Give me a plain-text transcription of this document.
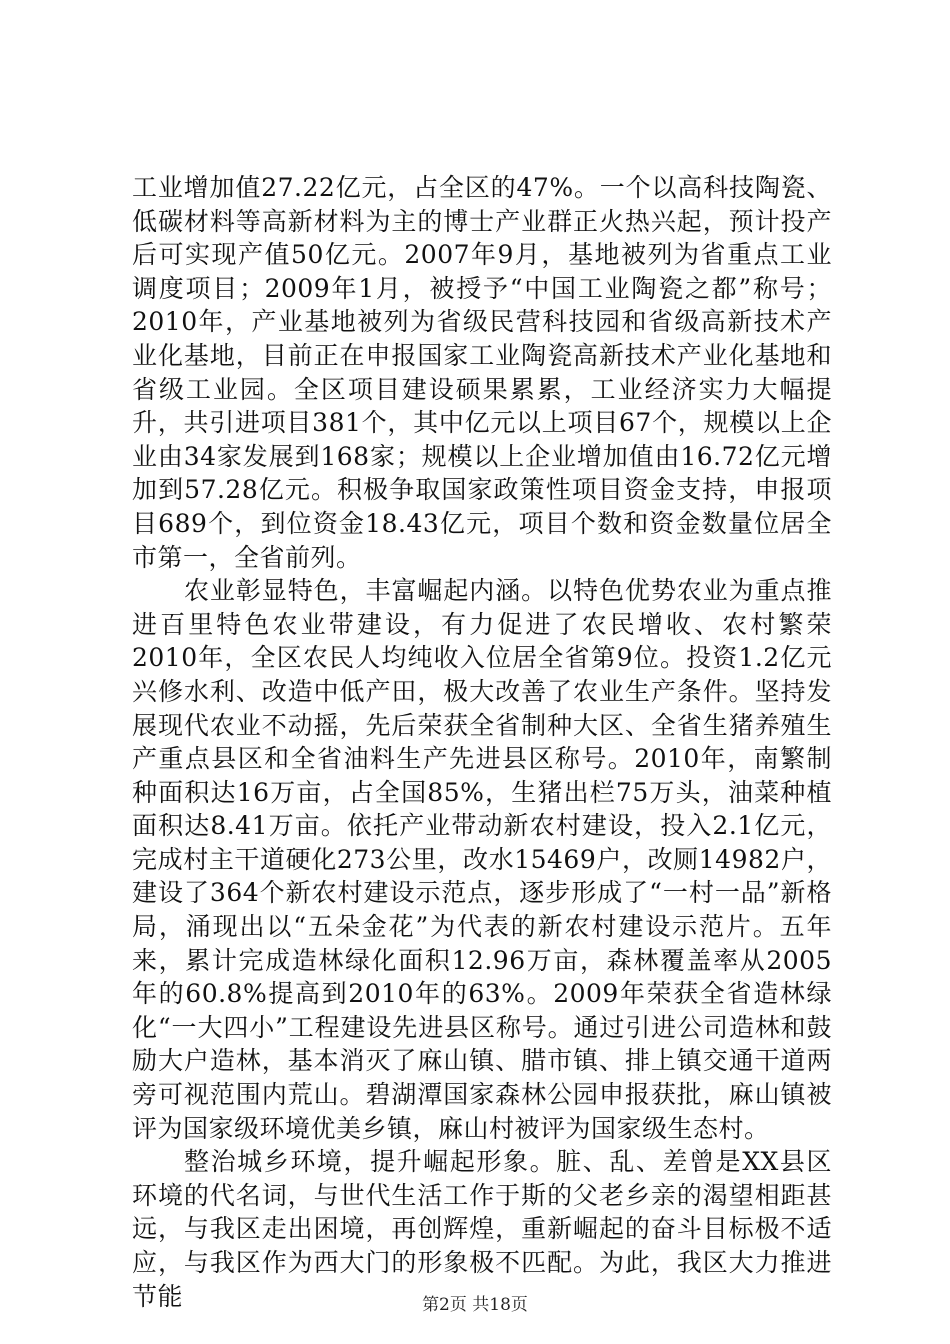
工业增加值27.22亿元，占全区的47%。一个以高科技陶瓷、低碳材料等高新材料为主的博士产业群正火热兴起，预计投产后可实现产值50亿元。2007年9月，基地被列为省重点工业调度项目；2009年1月，被授予“中国工业陶瓷之都”称号；2010年，产业基地被列为省级民营科技园和省级高新技术产业化基地，目前正在申报国家工业陶瓷高新技术产业化基地和省级工业园。全区项目建设硕果累累，工业经济实力大幅提升，共引进项目381个，其中亿元以上项目67个，规模以上企业由34家发展到168家；规模以上企业增加值由16.72亿元增加到57.28亿元。积极争取国家政策性项目资金支持，申报项目689个，到位资金18.43亿元，项目个数和资金数量位居全市第一，全省前列。

农业彰显特色，丰富崛起内涵。以特色优势农业为重点推进百里特色农业带建设，有力促进了农民增收、农村繁荣2010年，全区农民人均纯收入位居全省第9位。投资1.2亿元兴修水利、改造中低产田，极大改善了农业生产条件。坚持发展现代农业不动摇，先后荣获全省制种大区、全省生猪养殖生产重点县区和全省油料生产先进县区称号。2010年，南繁制种面积达16万亩，占全国85%，生猪出栏75万头，油菜种植面积达8.41万亩。依托产业带动新农村建设，投入2.1亿元，完成村主干道硬化273公里，改水15469户，改厕14982户，建设了364个新农村建设示范点，逐步形成了“一村一品”新格局，涌现出以“五朵金花”为代表的新农村建设示范片。五年来，累计完成造林绿化面积12.96万亩，森林覆盖率从2005年的60.8%提高到2010年的63%。2009年荣获全省造林绿化“一大四小”工程建设先进县区称号。通过引进公司造林和鼓励大户造林，基本消灭了麻山镇、腊市镇、排上镇交通干道两旁可视范围内荒山。碧湖潭国家森林公园申报获批，麻山镇被评为国家级环境优美乡镇，麻山村被评为国家级生态村。

整治城乡环境，提升崛起形象。脏、乱、差曾是XX县区环境的代名词，与世代生活工作于斯的父老乡亲的渴望相距甚远，与我区走出困境，再创辉煌，重新崛起的奋斗目标极不适应，与我区作为西大门的形象极不匹配。为此，我区大力推进节能	第2页 共18页
